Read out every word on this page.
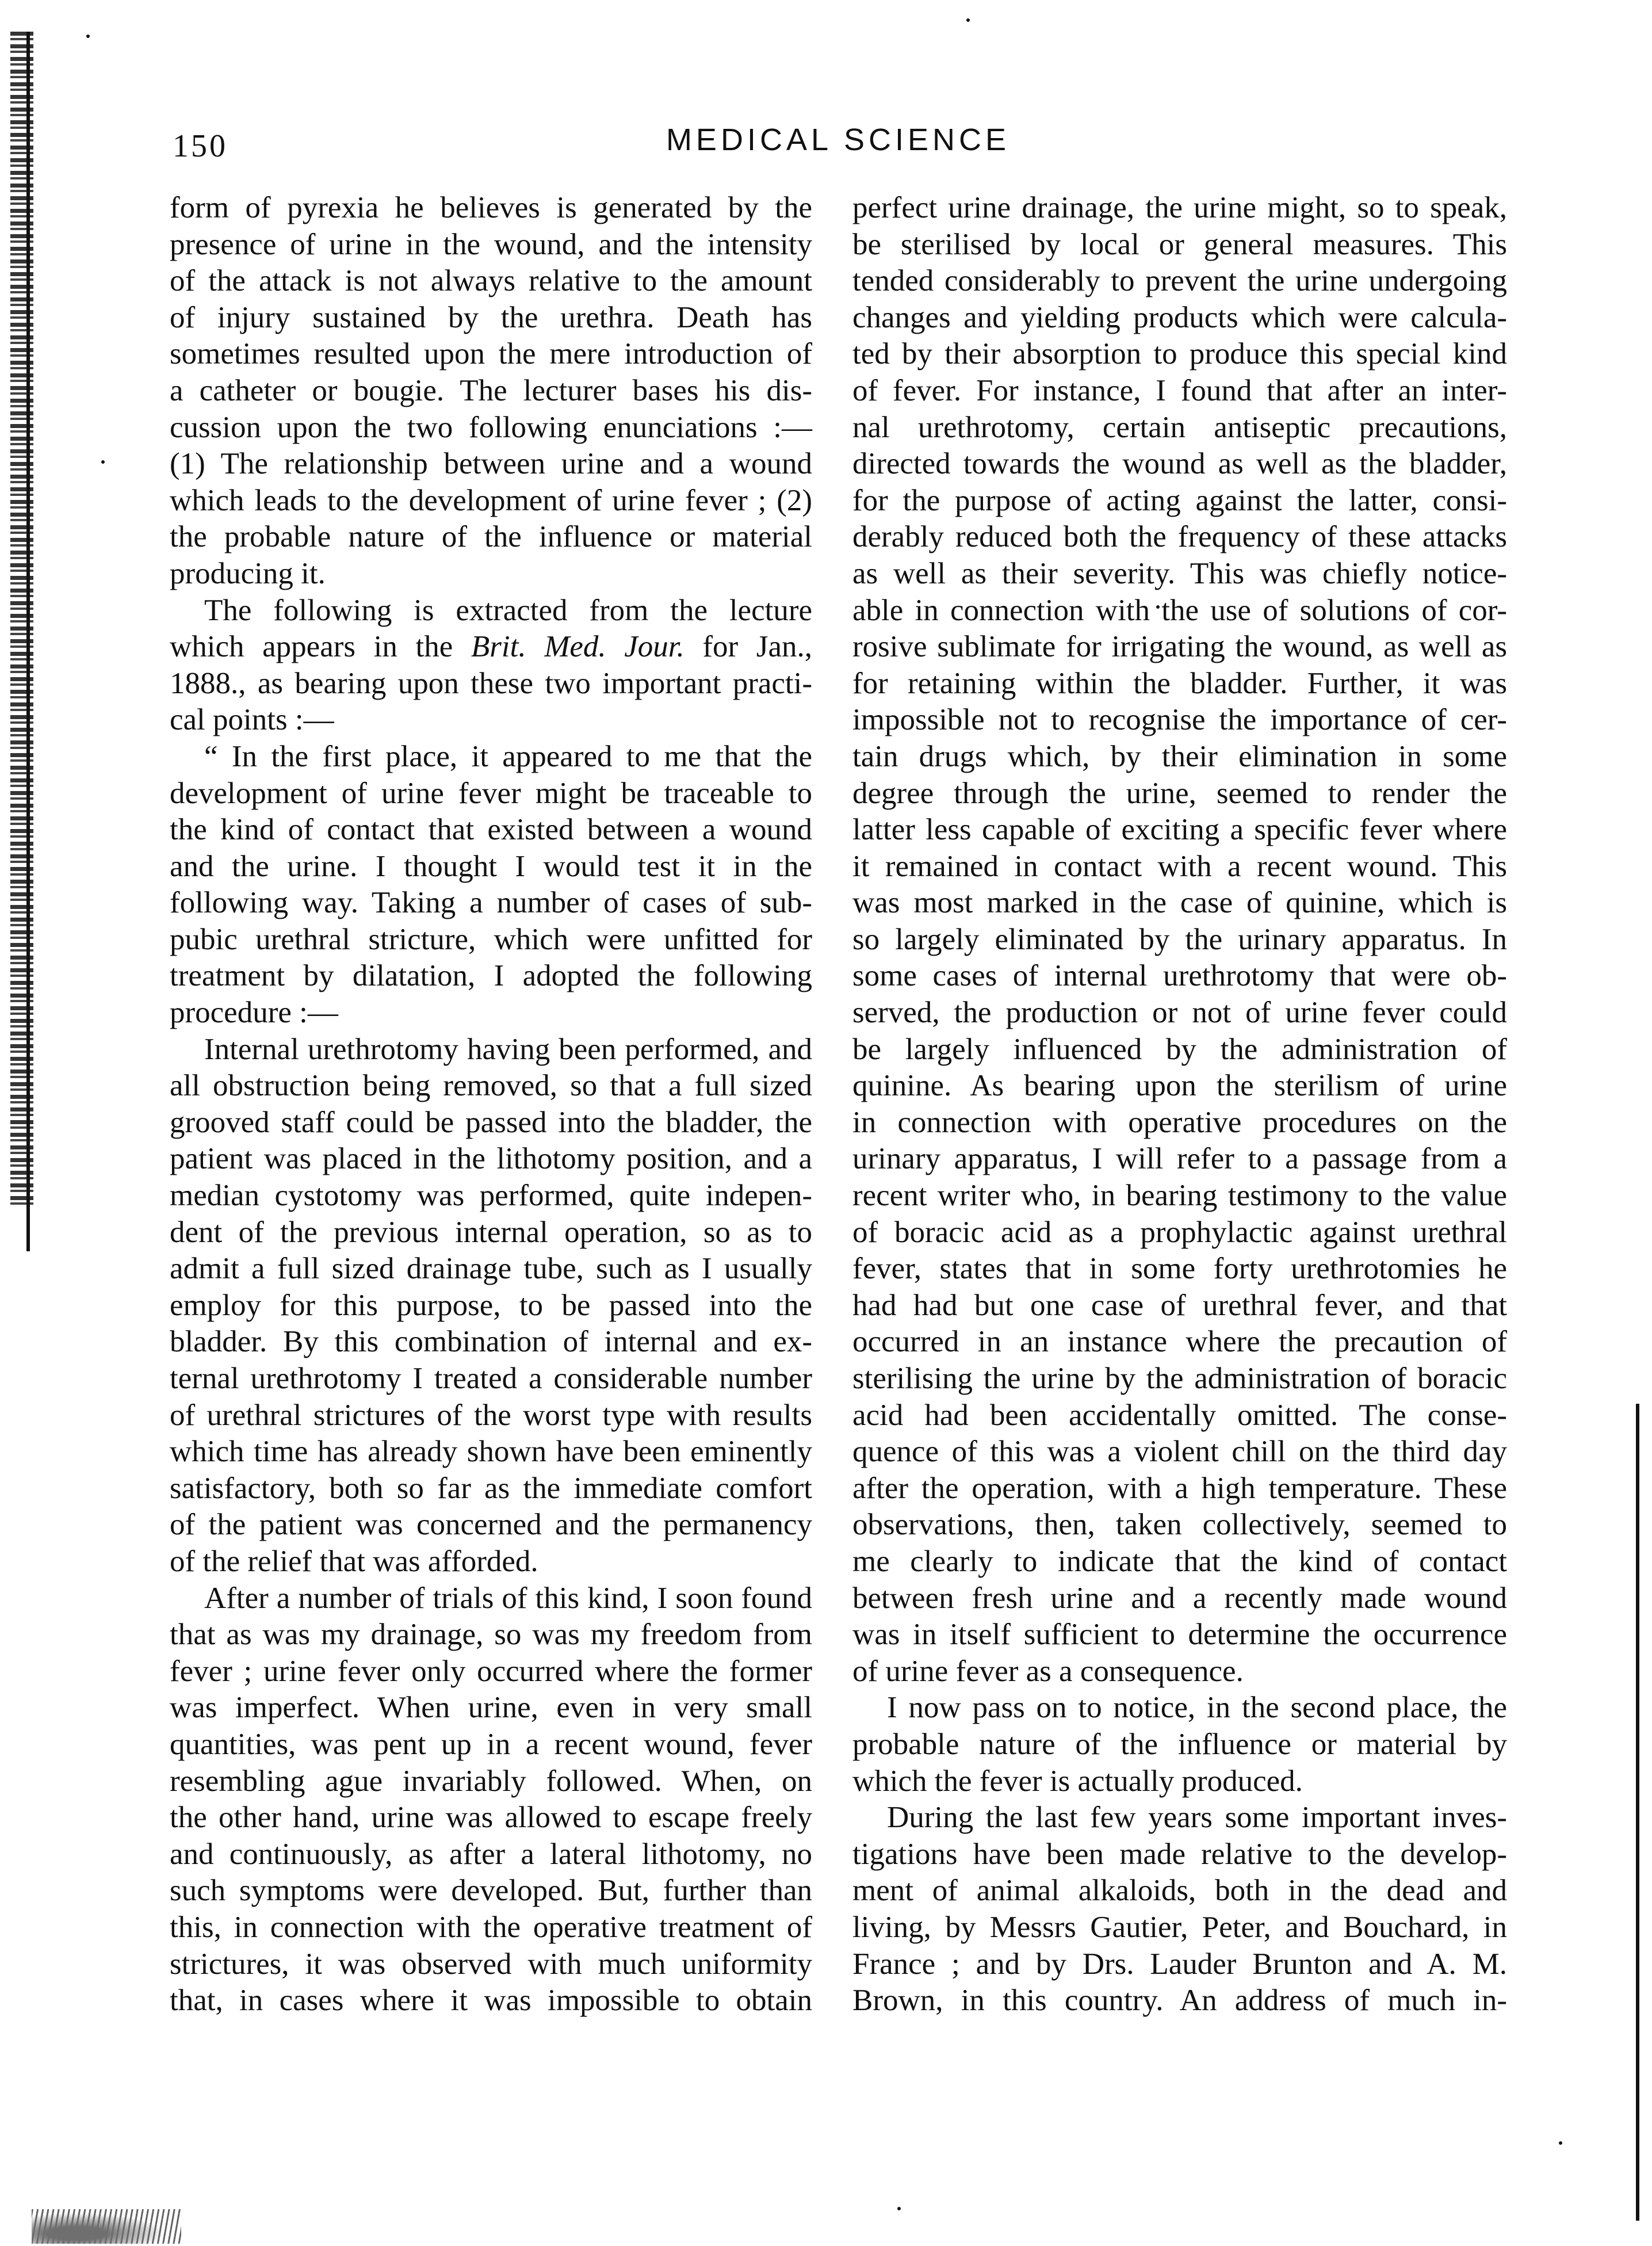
150	MEDICAL SCIENCE
form of pyrexia he believes is generated by the
presence of urine in the wound, and the intensity
of the attack is not always relative to the amount
of injury sustained by the urethra. Death has
sometimes resulted upon the mere introduction of
a catheter or bougie. The lecturer bases his dis-
cussion upon the two following enunciations :—
(1) The relationship between urine and a wound
which leads to the development of urine fever ; (2)
the probable nature of the influence or material
producing it.
The following is extracted from the lecture
which appears in the Brit. Med. Jour. for Jan.,
1888., as bearing upon these two important practi-
cal points :—
“ In the first place, it appeared to me that the
development of urine fever might be traceable to
the kind of contact that existed between a wound
and the urine. I thought I would test it in the
following way. Taking a number of cases of sub-
pubic urethral stricture, which were unfitted for
treatment by dilatation, I adopted the following
procedure :—
Internal urethrotomy having been performed, and
all obstruction being removed, so that a full sized
grooved staff could be passed into the bladder, the
patient was placed in the lithotomy position, and a
median cystotomy was performed, quite indepen-
dent of the previous internal operation, so as to
admit a full sized drainage tube, such as I usually
employ for this purpose, to be passed into the
bladder. By this combination of internal and ex-
ternal urethrotomy I treated a considerable number
of urethral strictures of the worst type with results
which time has already shown have been eminently
satisfactory, both so far as the immediate comfort
of the patient was concerned and the permanency
of the relief that was afforded.
After a number of trials of this kind, I soon found
that as was my drainage, so was my freedom from
fever ; urine fever only occurred where the former
was imperfect. When urine, even in very small
quantities, was pent up in a recent wound, fever
resembling ague invariably followed. When, on
the other hand, urine was allowed to escape freely
and continuously, as after a lateral lithotomy, no
such symptoms were developed. But, further than
this, in connection with the operative treatment of
strictures, it was observed with much uniformity
that, in cases where it was impossible to obtain
perfect urine drainage, the urine might, so to speak,
be sterilised by local or general measures. This
tended considerably to prevent the urine undergoing
changes and yielding products which were calcula-
ted by their absorption to produce this special kind
of fever. For instance, I found that after an inter-
nal urethrotomy, certain antiseptic precautions,
directed towards the wound as well as the bladder,
for the purpose of acting against the latter, consi-
derably reduced both the frequency of these attacks
as well as their severity. This was chiefly notice-
able in connection with the use of solutions of cor-
rosive sublimate for irrigating the wound, as well as
for retaining within the bladder. Further, it was
impossible not to recognise the importance of cer-
tain drugs which, by their elimination in some
degree through the urine, seemed to render the
latter less capable of exciting a specific fever where
it remained in contact with a recent wound. This
was most marked in the case of quinine, which is
so largely eliminated by the urinary apparatus. In
some cases of internal urethrotomy that were ob-
served, the production or not of urine fever could
be largely influenced by the administration of
quinine. As bearing upon the sterilism of urine
in connection with operative procedures on the
urinary apparatus, I will refer to a passage from a
recent writer who, in bearing testimony to the value
of boracic acid as a prophylactic against urethral
fever, states that in some forty urethrotomies he
had had but one case of urethral fever, and that
occurred in an instance where the precaution of
sterilising the urine by the administration of boracic
acid had been accidentally omitted. The conse-
quence of this was a violent chill on the third day
after the operation, with a high temperature. These
observations, then, taken collectively, seemed to
me clearly to indicate that the kind of contact
between fresh urine and a recently made wound
was in itself sufficient to determine the occurrence
of urine fever as a consequence.
I now pass on to notice, in the second place, the
probable nature of the influence or material by
which the fever is actually produced.
During the last few years some important inves-
tigations have been made relative to the develop-
ment of animal alkaloids, both in the dead and
living, by Messrs Gautier, Peter, and Bouchard, in
France ; and by Drs. Lauder Brunton and A. M.
Brown, in this country. An address of much in-
